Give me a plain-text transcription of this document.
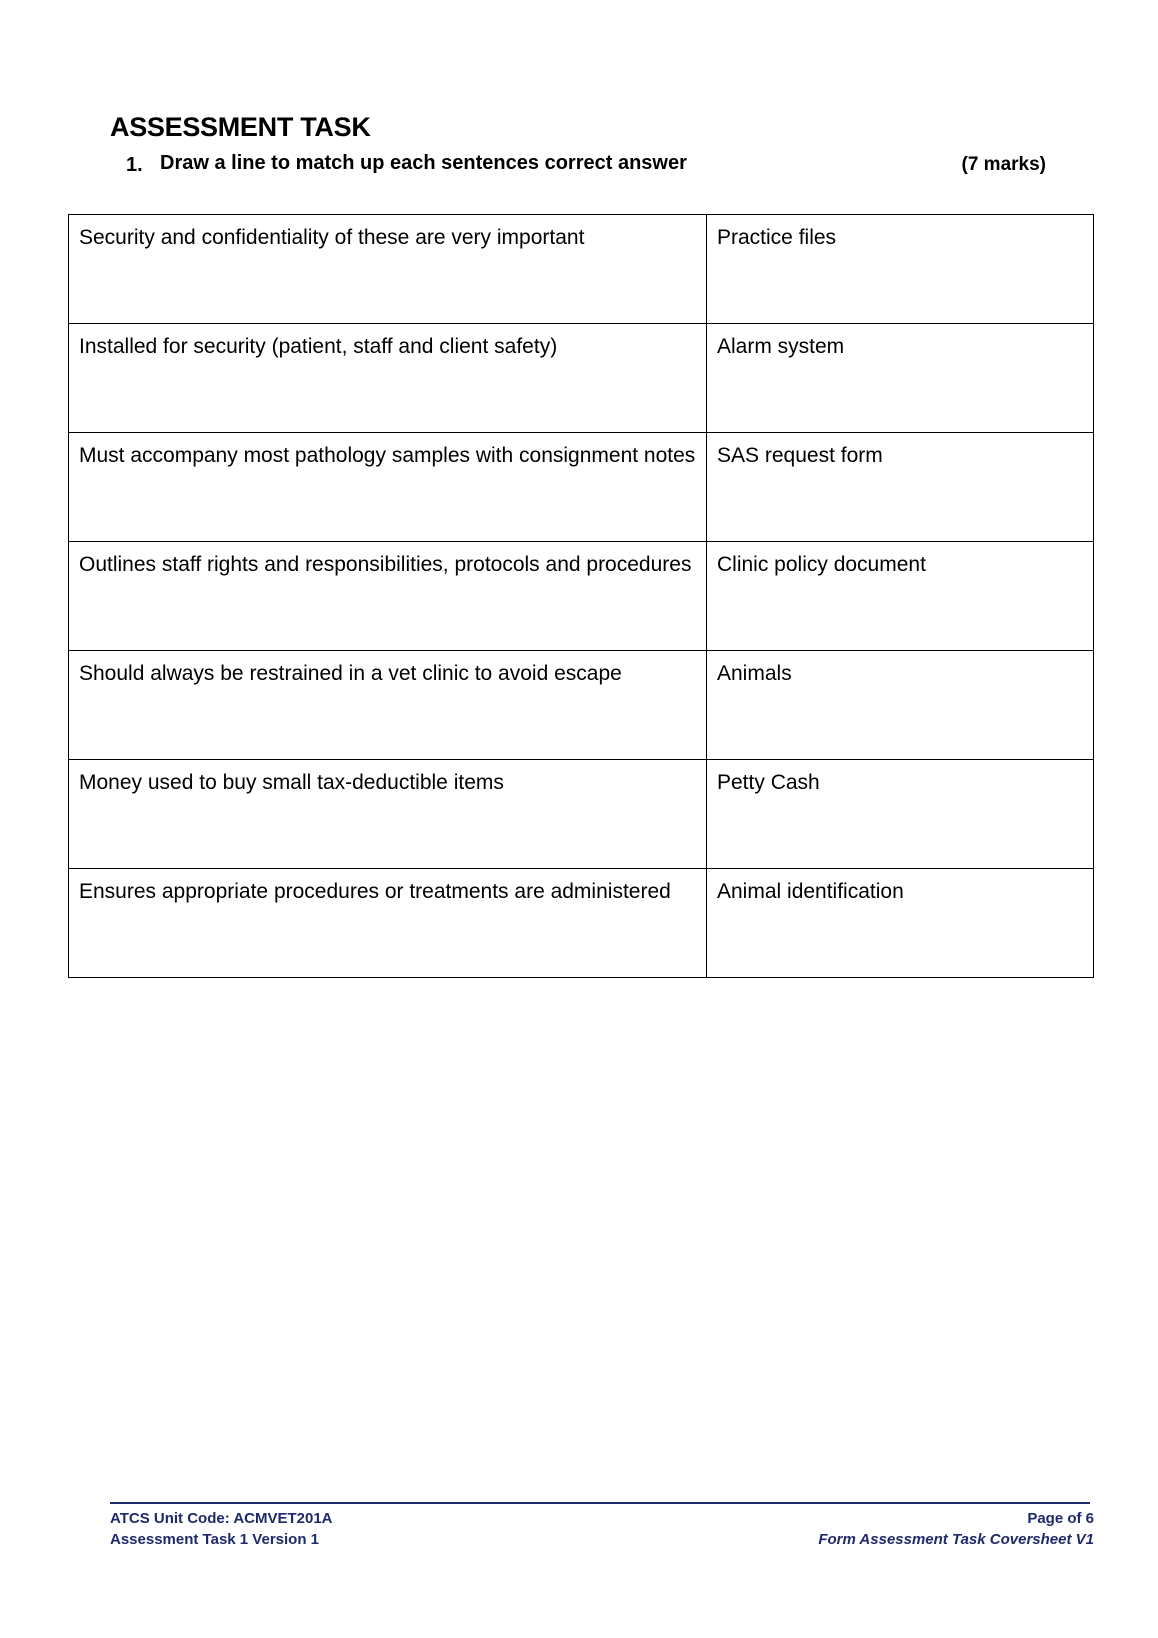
ASSESSMENT TASK
1. Draw a line to match up each sentences correct answer	(7 marks)
Security and confidentiality of these are very important	Practice files
Installed for security (patient, staff and client safety)	Alarm system
Must accompany most pathology samples with consignment notes	SAS request form
Outlines staff rights and responsibilities, protocols and procedures	Clinic policy document
Should always be restrained in a vet clinic to avoid escape	Animals
Money used to buy small tax-deductible items	Petty Cash
Ensures appropriate procedures or treatments are administered	Animal identification
ATCS Unit Code: ACMVET201A
Assessment Task 1 Version 1
Page of 6
Form Assessment Task Coversheet V1
